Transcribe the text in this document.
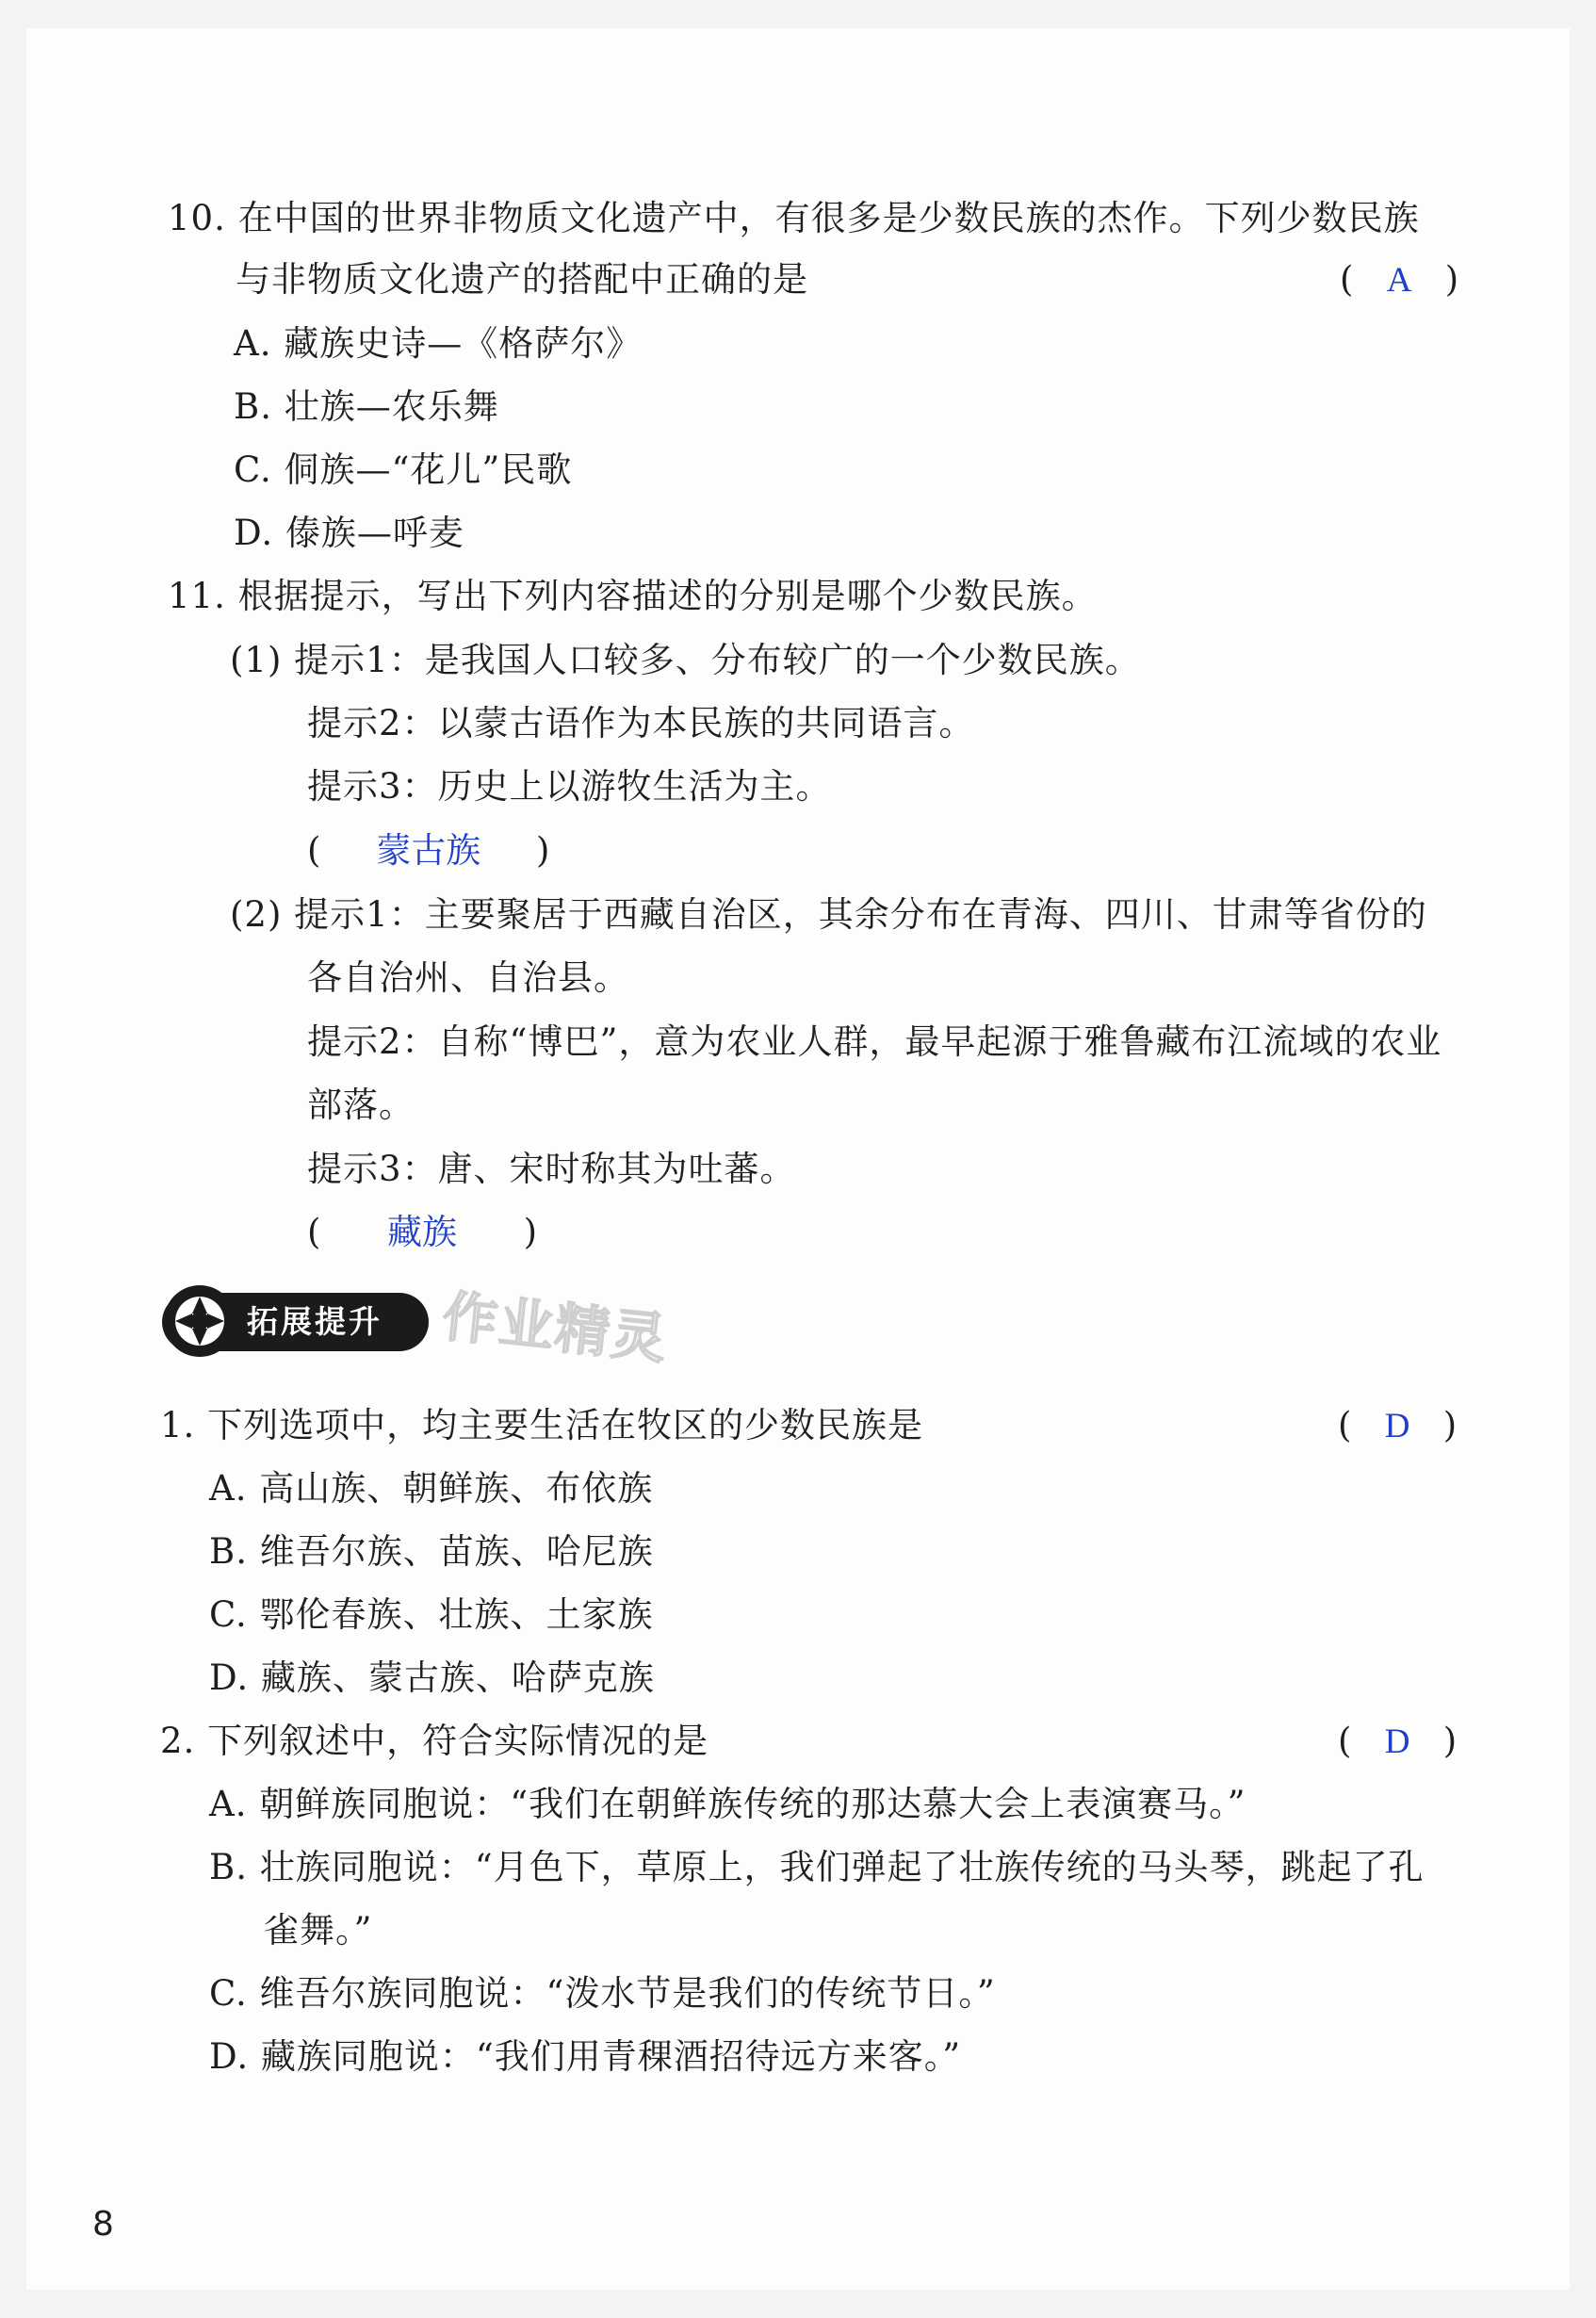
10. 在中国的世界非物质文化遗产中，有很多是少数民族的杰作。下列少数民族
与非物质文化遗产的搭配中正确的是	(   A   )
A. 藏族史诗—《格萨尔》
B. 壮族—农乐舞
C. 侗族—“花儿”民歌
D. 傣族—呼麦
11. 根据提示，写出下列内容描述的分别是哪个少数民族。
(1) 提示1：是我国人口较多、分布较广的一个少数民族。
提示2：以蒙古语作为本民族的共同语言。
提示3：历史上以游牧生活为主。
(     蒙古族     )
(2) 提示1：主要聚居于西藏自治区，其余分布在青海、四川、甘肃等省份的
各自治州、自治县。
提示2：自称“博巴”，意为农业人群，最早起源于雅鲁藏布江流域的农业
部落。
提示3：唐、宋时称其为吐蕃。
(      藏族      )
拓展提升 作业精灵
1. 下列选项中，均主要生活在牧区的少数民族是	(   D   )
A. 高山族、朝鲜族、布依族
B. 维吾尔族、苗族、哈尼族
C. 鄂伦春族、壮族、土家族
D. 藏族、蒙古族、哈萨克族
2. 下列叙述中，符合实际情况的是	(   D   )
A. 朝鲜族同胞说：“我们在朝鲜族传统的那达慕大会上表演赛马。”
B. 壮族同胞说：“月色下，草原上，我们弹起了壮族传统的马头琴，跳起了孔
雀舞。”
C. 维吾尔族同胞说：“泼水节是我们的传统节日。”
D. 藏族同胞说：“我们用青稞酒招待远方来客。”
8
